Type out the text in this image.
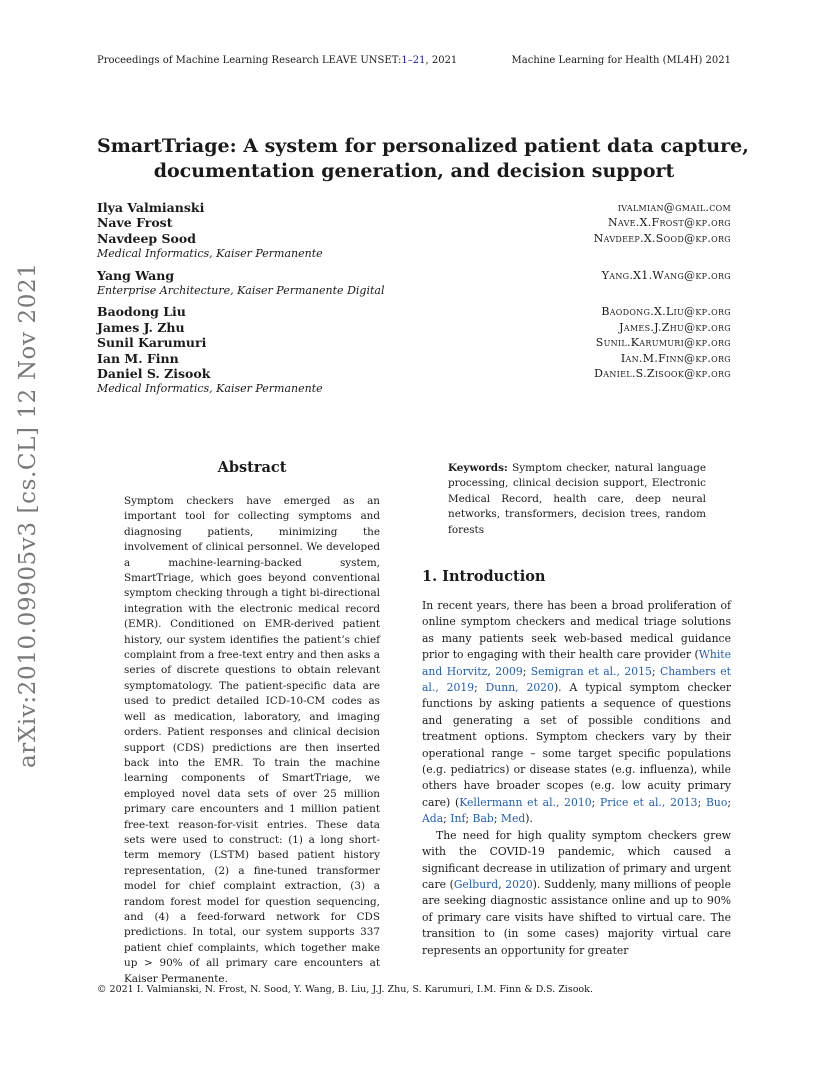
Proceedings of Machine Learning Research LEAVE UNSET:1–21, 2021	Machine Learning for Health (ML4H) 2021
arXiv:2010.09905v3 [cs.CL] 12 Nov 2021
SmartTriage: A system for personalized patient data capture,
documentation generation, and decision support
Ilya Valmianski	ivalmian@gmail.com
Nave Frost	Nave.X.Frost@kp.org
Navdeep Sood	Navdeep.X.Sood@kp.org
Medical Informatics, Kaiser Permanente
Yang Wang	Yang.X1.Wang@kp.org
Enterprise Architecture, Kaiser Permanente Digital
Baodong Liu	Baodong.X.Liu@kp.org
James J. Zhu	James.J.Zhu@kp.org
Sunil Karumuri	Sunil.Karumuri@kp.org
Ian M. Finn	Ian.M.Finn@kp.org
Daniel S. Zisook	Daniel.S.Zisook@kp.org
Medical Informatics, Kaiser Permanente
Abstract
Symptom checkers have emerged as an important tool for collecting symptoms and diagnosing patients, minimizing the involvement of clinical personnel. We developed a machine-learning-backed system, SmartTriage, which goes beyond conventional symptom checking through a tight bi-directional integration with the electronic medical record (EMR). Conditioned on EMR-derived patient history, our system identifies the patient’s chief complaint from a free-text entry and then asks a series of discrete questions to obtain relevant symptomatology. The patient-specific data are used to predict detailed ICD-10-CM codes as well as medication, laboratory, and imaging orders. Patient responses and clinical decision support (CDS) predictions are then inserted back into the EMR. To train the machine learning components of SmartTriage, we employed novel data sets of over 25 million primary care encounters and 1 million patient free-text reason-for-visit entries. These data sets were used to construct: (1) a long short-term memory (LSTM) based patient history representation, (2) a fine-tuned transformer model for chief complaint extraction, (3) a random forest model for question sequencing, and (4) a feed-forward network for CDS predictions. In total, our system supports 337 patient chief complaints, which together make up > 90% of all primary care encounters at Kaiser Permanente.
Keywords: Symptom checker, natural language processing, clinical decision support, Electronic Medical Record, health care, deep neural networks, transformers, decision trees, random forests
1. Introduction

In recent years, there has been a broad proliferation of online symptom checkers and medical triage solutions as many patients seek web-based medical guidance prior to engaging with their health care provider (White and Horvitz, 2009; Semigran et al., 2015; Chambers et al., 2019; Dunn, 2020). A typical symptom checker functions by asking patients a sequence of questions and generating a set of possible conditions and treatment options. Symptom checkers vary by their operational range – some target specific populations (e.g. pediatrics) or disease states (e.g. influenza), while others have broader scopes (e.g. low acuity primary care) (Kellermann et al., 2010; Price et al., 2013; Buo; Ada; Inf; Bab; Med).

The need for high quality symptom checkers grew with the COVID-19 pandemic, which caused a significant decrease in utilization of primary and urgent care (Gelburd, 2020). Suddenly, many millions of people are seeking diagnostic assistance online and up to 90% of primary care visits have shifted to virtual care. The transition to (in some cases) majority virtual care represents an opportunity for greater

© 2021 I. Valmianski, N. Frost, N. Sood, Y. Wang, B. Liu, J.J. Zhu, S. Karumuri, I.M. Finn & D.S. Zisook.
